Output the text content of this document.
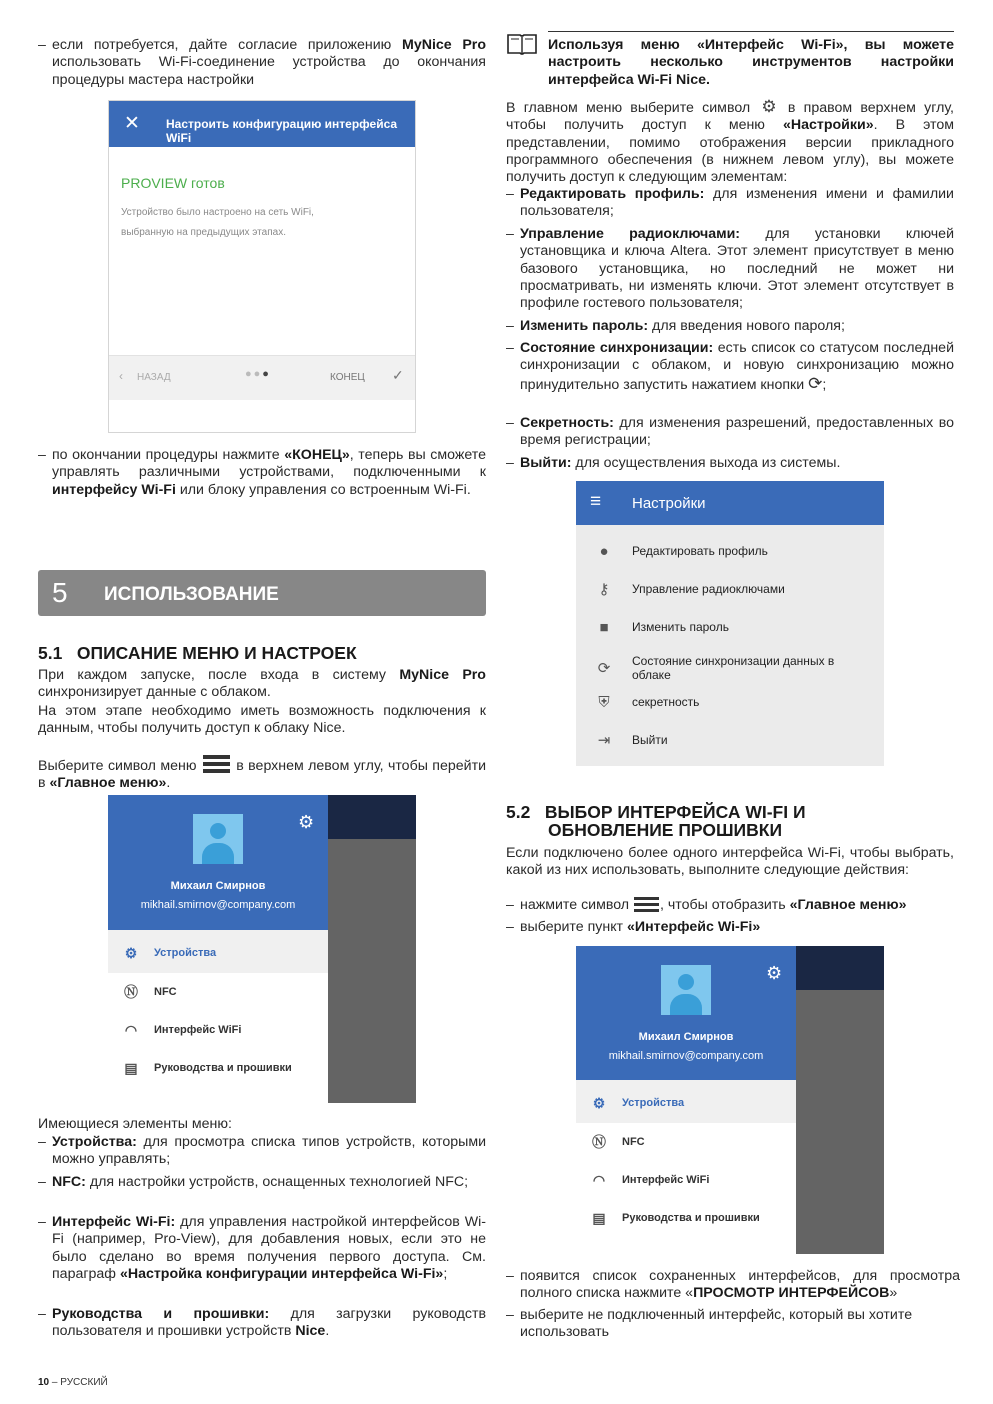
– если потребуется, дайте согласие приложению MyNice Pro использовать Wi-Fi-соединение устройства до окончания процедуры мастера настройки
✕ Настроить конфигурацию интерфейса WiFi
PROVIEW готов
Устройство было настроено на сеть WiFi,
выбранную на предыдущих этапах.
‹ НАЗАД	●●●	КОНЕЦ ✓
– по окончании процедуры нажмите «КОНЕЦ», теперь вы сможете управлять различными устройствами, подключенными к интерфейсу Wi-Fi или блоку управления со встроенным Wi-Fi.
5 ИСПОЛЬЗОВАНИЕ
5.1   ОПИСАНИЕ МЕНЮ И НАСТРОЕК
При каждом запуске, после входа в систему MyNice Pro синхронизирует данные с облаком.
На этом этапе необходимо иметь возможность подключения к данным, чтобы получить доступ к облаку Nice.
Выберите символ меню
в верхнем левом углу, чтобы перейти в «Главное меню».
Михаил Смирнов
mikhail.smirnov@company.com
⚙
⚙	Устройства
Ⓝ	NFC
◠	Интерфейс WiFi
▤	Руководства и прошивки
Имеющиеся элементы меню:
– Устройства: для просмотра списка типов устройств, которыми можно управлять;
– NFC: для настройки устройств, оснащенных технологией NFC;
– Интерфейс Wi-Fi: для управления настройкой интерфейсов Wi-Fi (например, Pro-View), для добавления новых, если это не было сделано во время получения первого доступа. См. параграф «Настройка конфигурации интерфейса Wi-Fi»;
– Руководства и прошивки: для загрузки руководств пользователя и прошивки устройств Nice.
10 – РУССКИЙ
Используя меню «Интерфейс Wi-Fi», вы можете настроить несколько инструментов настройки интерфейса Wi-Fi Nice.
В главном меню выберите символ ⚙ в правом верхнем углу, чтобы получить доступ к меню «Настройки». В этом представлении, помимо отображения версии прикладного программного обеспечения (в нижнем левом углу), вы можете получить доступ к следующим элементам:
– Редактировать профиль: для изменения имени и фамилии пользователя;
– Управление радиоключами: для установки ключей установщика и ключа Altera. Этот элемент присутствует в меню базового установщика, но последний не может ни просматривать, ни изменять ключи. Этот элемент отсутствует в профиле гостевого пользователя;
– Изменить пароль: для введения нового пароля;
– Состояние синхронизации: есть список со статусом последней синхронизации с облаком, и новую синхронизацию можно принудительно запустить нажатием кнопки ⟳;
– Секретность: для изменения разрешений, предоставленных во время регистрации;
– Выйти: для осуществления выхода из системы.
≡ Настройки
●	Редактировать профиль
⚷	Управление радиоключами
■	Изменить пароль
⟳	Состояние синхронизации данных в облаке
⛨	секретность
⇥	Выйти
5.2   ВЫБОР ИНТЕРФЕЙСА WI-FI И
ОБНОВЛЕНИЕ ПРОШИВКИ
Если подключено более одного интерфейса Wi-Fi, чтобы выбрать, какой из них использовать, выполните следующие действия:
– нажмите символ
, чтобы отобразить «Главное меню»
– выберите пункт «Интерфейс Wi-Fi»
Михаил Смирнов
mikhail.smirnov@company.com
⚙
⚙	Устройства
Ⓝ	NFC
◠	Интерфейс WiFi
▤	Руководства и прошивки
– появится список сохраненных интерфейсов, для просмотра полного списка нажмите «ПРОСМОТР ИНТЕРФЕЙСОВ»
– выберите не подключенный интерфейс, который вы хотите использовать
